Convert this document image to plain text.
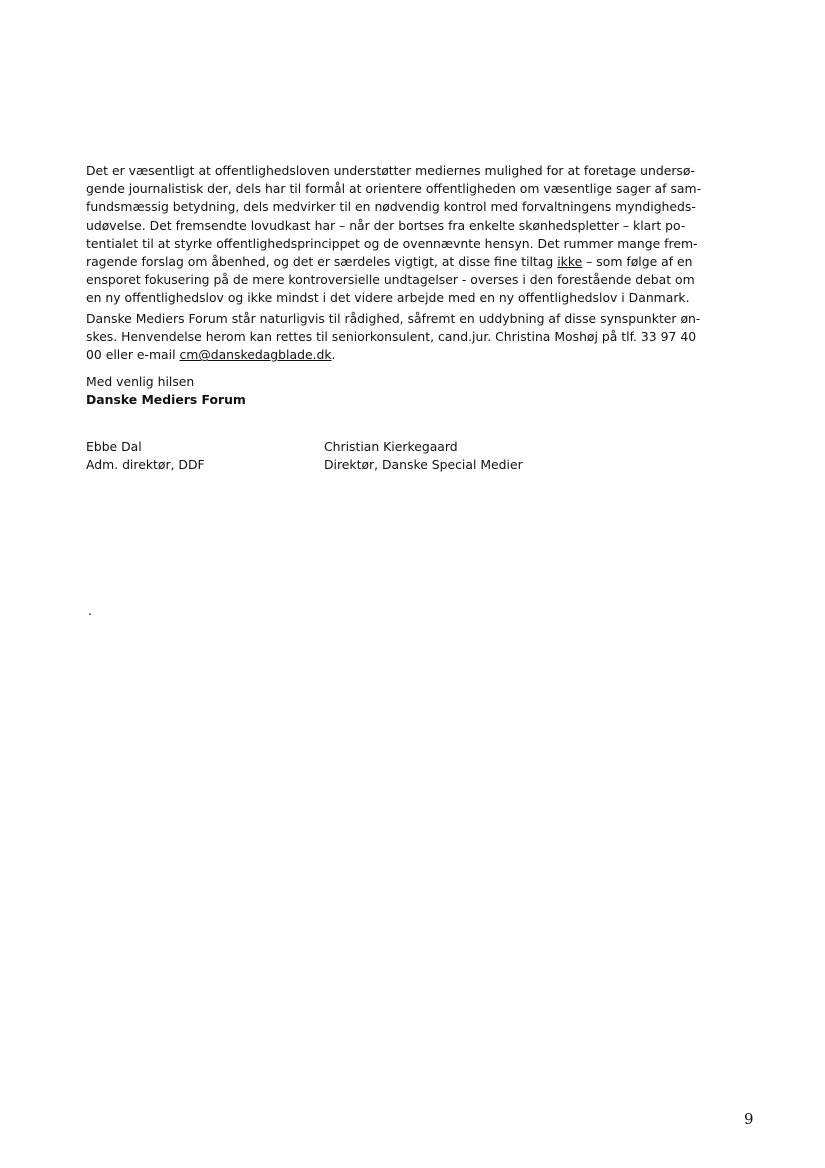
Det er væsentligt at offentlighedsloven understøtter mediernes mulighed for at foretage undersø-
gende journalistisk der, dels har til formål at orientere offentligheden om væsentlige sager af sam-
fundsmæssig betydning, dels medvirker til en nødvendig kontrol med forvaltningens myndigheds-
udøvelse. Det fremsendte lovudkast har – når der bortses fra enkelte skønhedspletter – klart po-
tentialet til at styrke offentlighedsprincippet og de ovennævnte hensyn. Det rummer mange frem-
ragende forslag om åbenhed, og det er særdeles vigtigt, at disse fine tiltag ikke – som følge af en
ensporet fokusering på de mere kontroversielle undtagelser - overses i den forestående debat om
en ny offentlighedslov og ikke mindst i det videre arbejde med en ny offentlighedslov i Danmark.
Danske Mediers Forum står naturligvis til rådighed, såfremt en uddybning af disse synspunkter øn-
skes. Henvendelse herom kan rettes til seniorkonsulent, cand.jur. Christina Moshøj på tlf. 33 97 40
00 eller e-mail cm@danskedagblade.dk.
Med venlig hilsen
Danske Mediers Forum
Ebbe Dal
Adm. direktør, DDF
Christian Kierkegaard
Direktør, Danske Special Medier
.
9
